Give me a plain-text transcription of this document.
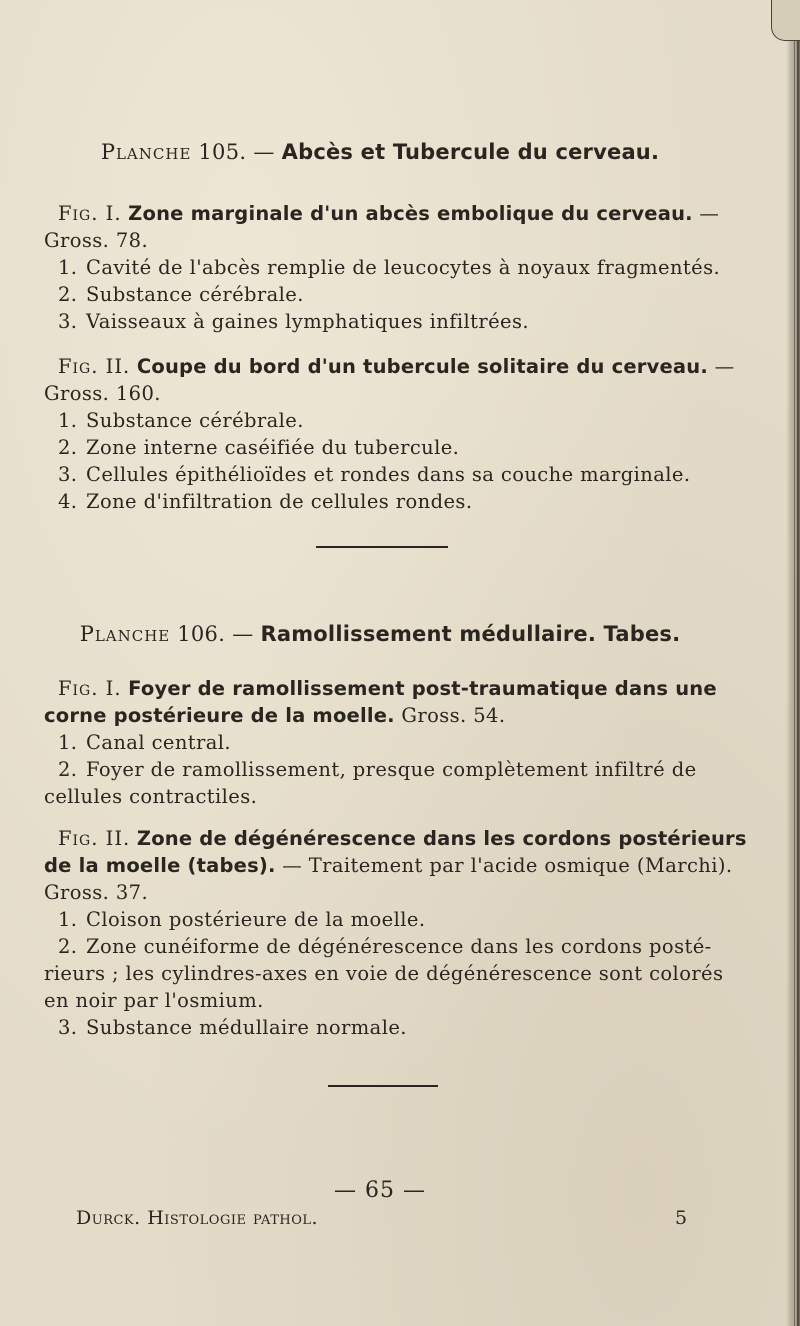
Planche 105. — Abcès et Tubercule du cerveau.
Fig. I. Zone marginale d'un abcès embolique du cerveau. —
Gross. 78.
1. Cavité de l'abcès remplie de leucocytes à noyaux fragmentés.
2. Substance cérébrale.
3. Vaisseaux à gaines lymphatiques infiltrées.
Fig. II. Coupe du bord d'un tubercule solitaire du cerveau. —
Gross. 160.
1. Substance cérébrale.
2. Zone interne caséifiée du tubercule.
3. Cellules épithélioïdes et rondes dans sa couche marginale.
4. Zone d'infiltration de cellules rondes.
Planche 106. — Ramollissement médullaire. Tabes.
Fig. I. Foyer de ramollissement post-traumatique dans une
corne postérieure de la moelle. Gross. 54.
1. Canal central.
2. Foyer de ramollissement, presque complètement infiltré de
cellules contractiles.
Fig. II. Zone de dégénérescence dans les cordons postérieurs
de la moelle (tabes). — Traitement par l'acide osmique (Marchi).
Gross. 37.
1. Cloison postérieure de la moelle.
2. Zone cunéiforme de dégénérescence dans les cordons posté-
rieurs ; les cylindres-axes en voie de dégénérescence sont colorés
en noir par l'osmium.
3. Substance médullaire normale.
— 65 —
Durck. Histologie pathol.	5
